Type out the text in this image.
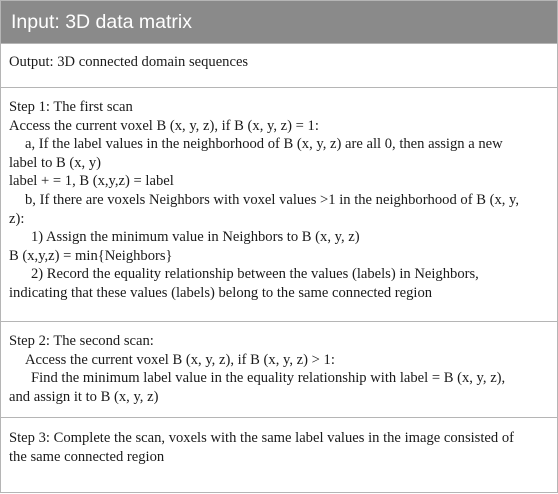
Input: 3D data matrix
Output: 3D connected domain sequences
Step 1: The first scan
Access the current voxel B (x, y, z), if B (x, y, z) = 1:
a, If the label values in the neighborhood of B (x, y, z) are all 0, then assign a new
label to B (x, y)
label + = 1, B (x,y,z) = label
b, If there are voxels Neighbors with voxel values >1 in the neighborhood of B (x, y,
z):
1) Assign the minimum value in Neighbors to B (x, y, z)
B (x,y,z) = min{Neighbors}
2) Record the equality relationship between the values (labels) in Neighbors,
indicating that these values (labels) belong to the same connected region
Step 2: The second scan:
Access the current voxel B (x, y, z), if B (x, y, z) > 1:
Find the minimum label value in the equality relationship with label = B (x, y, z),
and assign it to B (x, y, z)
Step 3: Complete the scan, voxels with the same label values in the image consisted of
the same connected region
